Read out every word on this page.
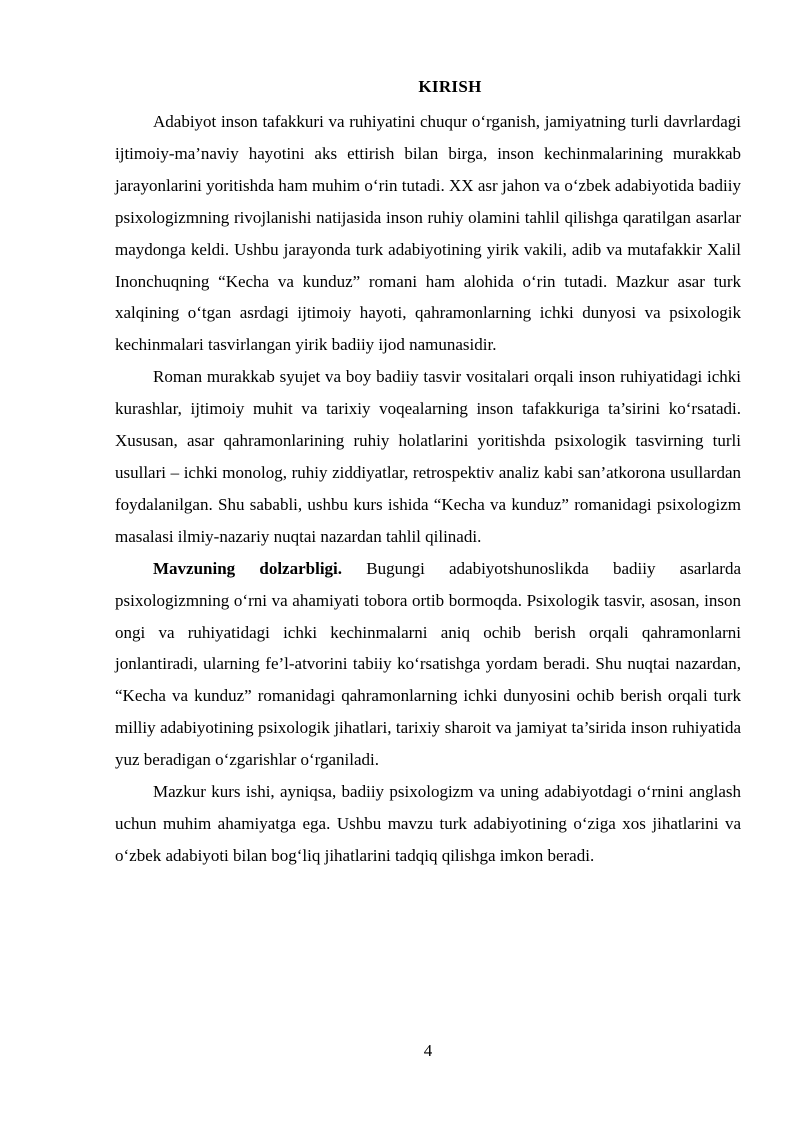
KIRISH

Adabiyot inson tafakkuri va ruhiyatini chuqur o‘rganish, jamiyatning turli davrlardagi ijtimoiy-ma’naviy hayotini aks ettirish bilan birga, inson kechinmalarining murakkab jarayonlarini yoritishda ham muhim o‘rin tutadi. XX asr jahon va o‘zbek adabiyotida badiiy psixologizmning rivojlanishi natijasida inson ruhiy olamini tahlil qilishga qaratilgan asarlar maydonga keldi. Ushbu jarayonda turk adabiyotining yirik vakili, adib va mutafakkir Xalil Inonchuqning “Kecha va kunduz” romani ham alohida o‘rin tutadi. Mazkur asar turk xalqining o‘tgan asrdagi ijtimoiy hayoti, qahramonlarning ichki dunyosi va psixologik kechinmalari tasvirlangan yirik badiiy ijod namunasidir.

Roman murakkab syujet va boy badiiy tasvir vositalari orqali inson ruhiyatidagi ichki kurashlar, ijtimoiy muhit va tarixiy voqealarning inson tafakkuriga ta’sirini ko‘rsatadi. Xususan, asar qahramonlarining ruhiy holatlarini yoritishda psixologik tasvirning turli usullari – ichki monolog, ruhiy ziddiyatlar, retrospektiv analiz kabi san’atkorona usullardan foydalanilgan. Shu sababli, ushbu kurs ishida “Kecha va kunduz” romanidagi psixologizm masalasi ilmiy-nazariy nuqtai nazardan tahlil qilinadi.

Mavzuning dolzarbligi. Bugungi adabiyotshunoslikda badiiy asarlarda psixologizmning o‘rni va ahamiyati tobora ortib bormoqda. Psixologik tasvir, asosan, inson ongi va ruhiyatidagi ichki kechinmalarni aniq ochib berish orqali qahramonlarni jonlantiradi, ularning fe’l-atvorini tabiiy ko‘rsatishga yordam beradi. Shu nuqtai nazardan, “Kecha va kunduz” romanidagi qahramonlarning ichki dunyosini ochib berish orqali turk milliy adabiyotining psixologik jihatlari, tarixiy sharoit va jamiyat ta’sirida inson ruhiyatida yuz beradigan o‘zgarishlar o‘rganiladi.

Mazkur kurs ishi, ayniqsa, badiiy psixologizm va uning adabiyotdagi o‘rnini anglash uchun muhim ahamiyatga ega. Ushbu mavzu turk adabiyotining o‘ziga xos jihatlarini va o‘zbek adabiyoti bilan bog‘liq jihatlarini tadqiq qilishga imkon beradi.

4
